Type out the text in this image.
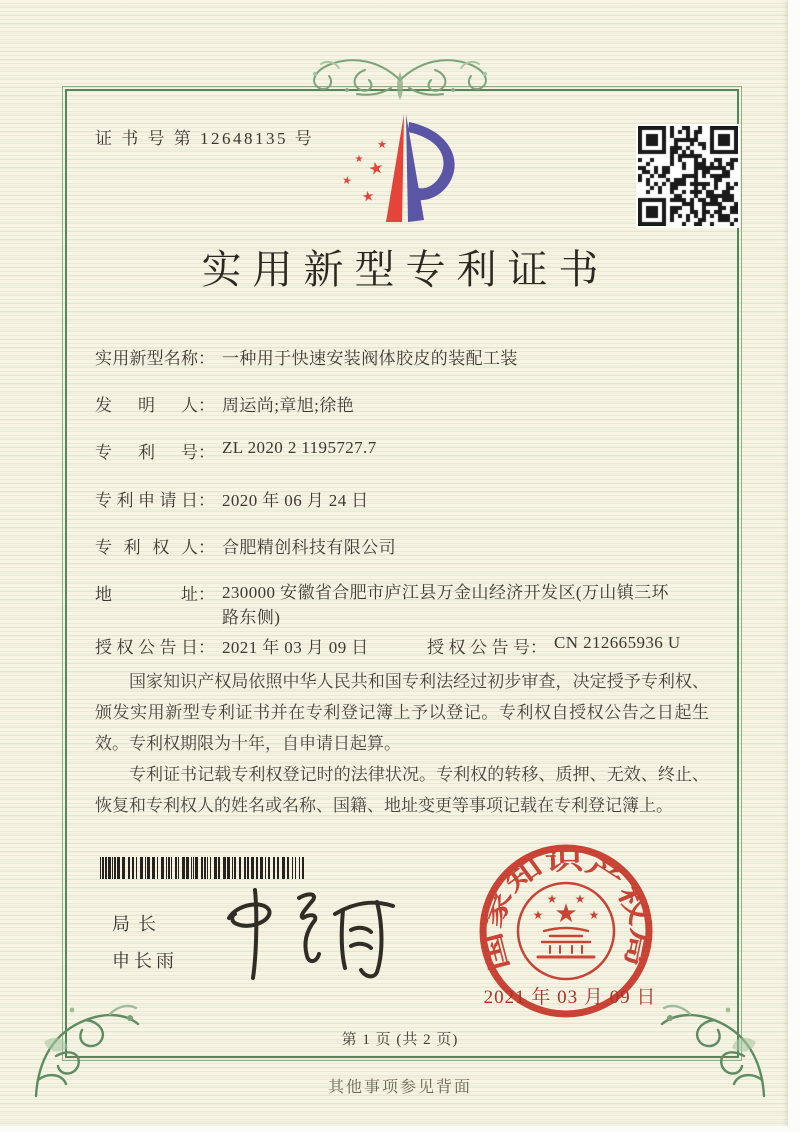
证 书 号 第 12648135 号	★
★
★
★
★
实用新型专利证书
实用新型名称： 一种用于快速安装阀体胶皮的装配工装
发明人： 周运尚;章旭;徐艳
专利号： ZL 2020 2 1195727.7
专利申请日： 2020 年 06 月 24 日
专利权人： 合肥精创科技有限公司
地址： 230000 安徽省合肥市庐江县万金山经济开发区(万山镇三环路东侧)
授权公告日： 2021 年 03 月 09 日	授权公告号： CN 212665936 U

国家知识产权局依照中华人民共和国专利法经过初步审查，决定授予专利权、颁发实用新型专利证书并在专利登记簿上予以登记。专利权自授权公告之日起生效。专利权期限为十年，自申请日起算。

专利证书记载专利权登记时的法律状况。专利权的转移、质押、无效、终止、恢复和专利权人的姓名或名称、国籍、地址变更等事项记载在专利登记簿上。

局长
申长雨	国家知识产权局
★
★
★ ★
★
2021 年 03 月 09 日
第 1 页 (共 2 页)
其他事项参见背面
